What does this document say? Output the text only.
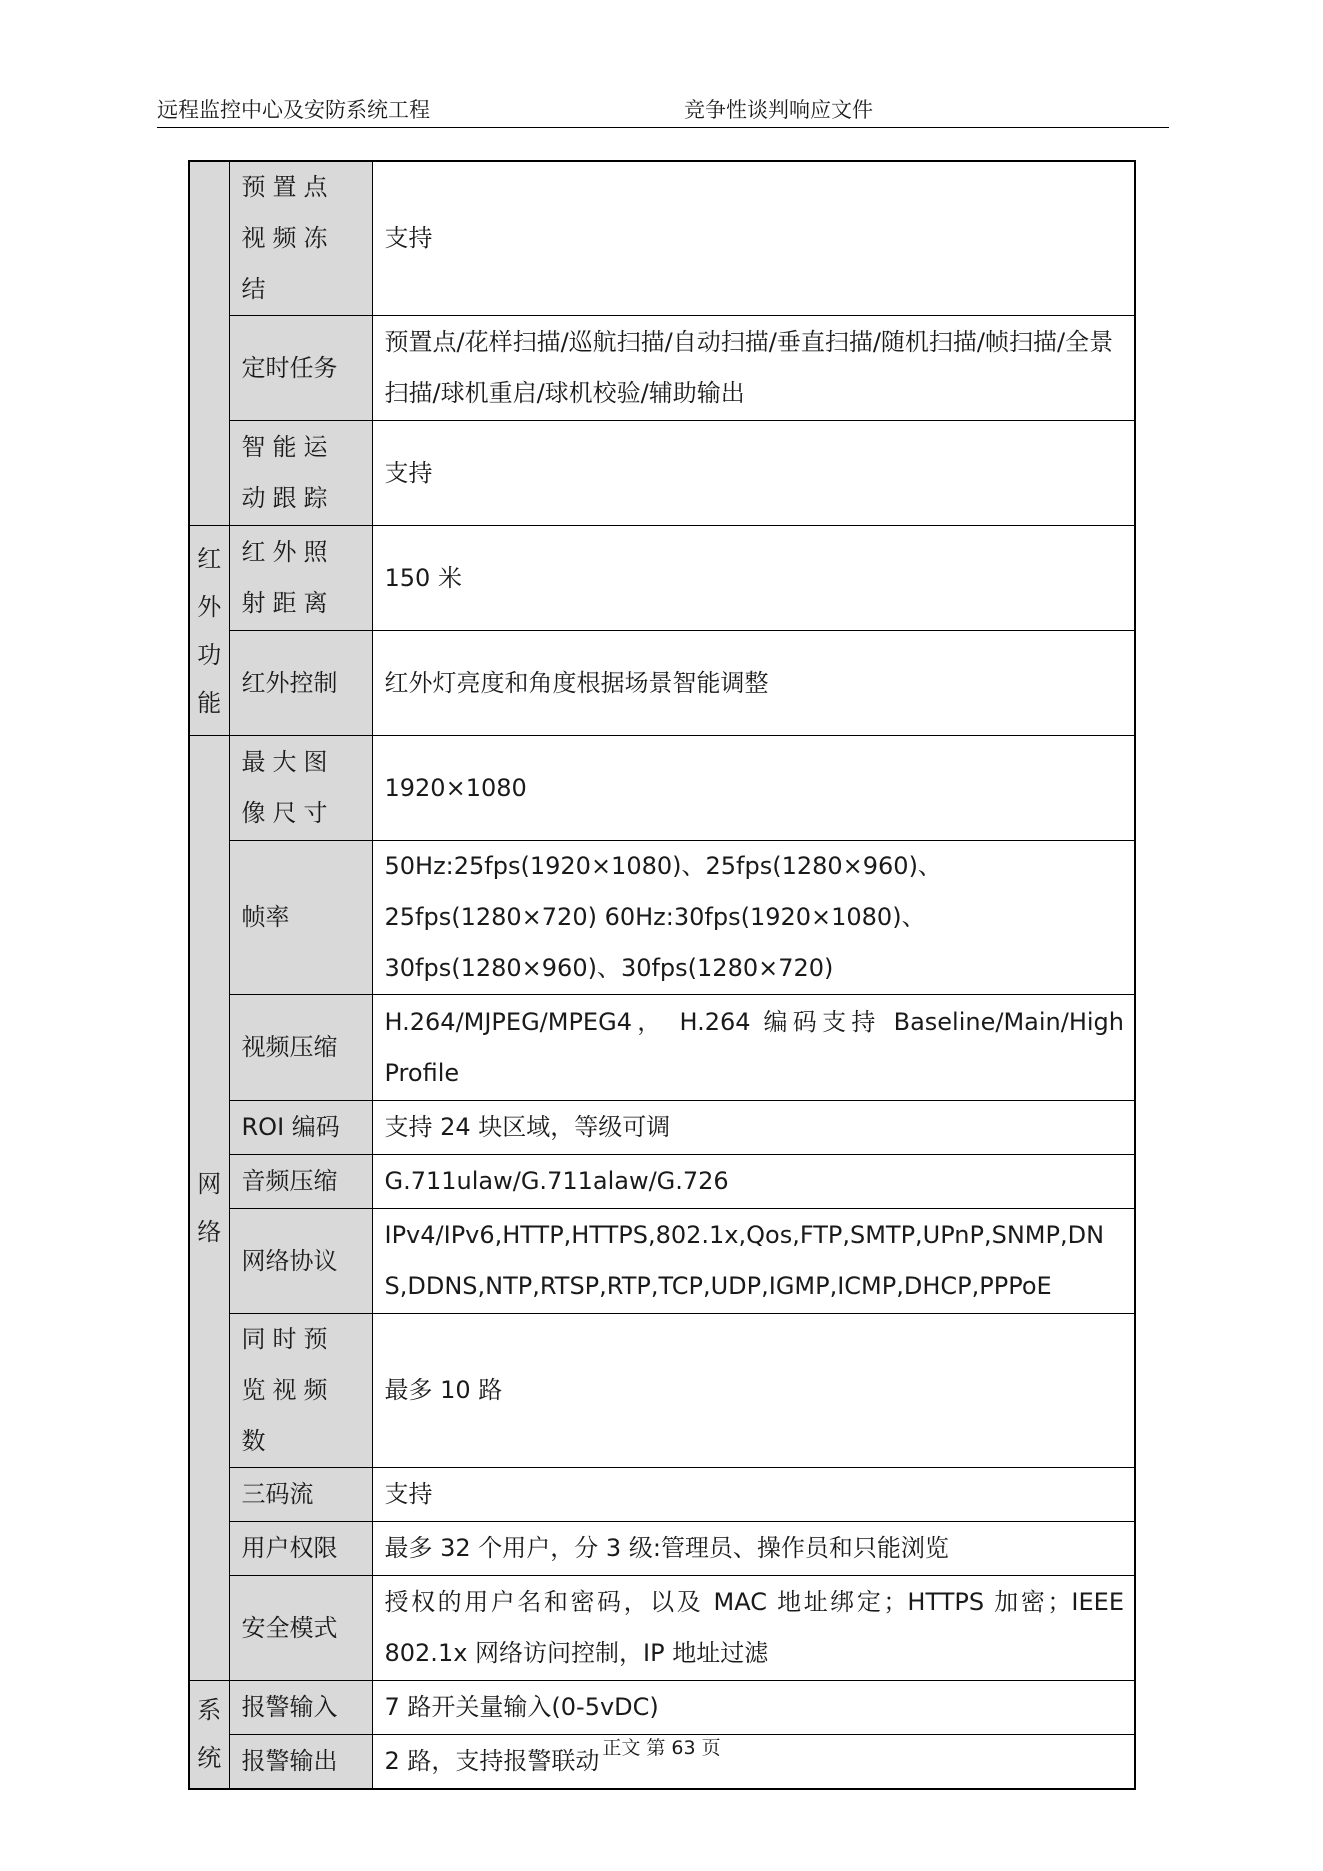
远程监控中心及安防系统工程	竞争性谈判响应文件
	预置点视频冻结	支持
	定时任务	预置点/花样扫描/巡航扫描/自动扫描/垂直扫描/随机扫描/帧扫描/全景扫描/球机重启/球机校验/辅助输出
	智能运动跟踪	支持
红外功能	红外照射距离	150 米
	红外控制	红外灯亮度和角度根据场景智能调整
网络	最大图像尺寸	1920×1080
	帧率	50Hz:25fps(1920×1080)、25fps(1280×960)、25fps(1280×720) 60Hz:30fps(1920×1080)、30fps(1280×960)、30fps(1280×720)
	视频压缩	H.264/MJPEG/MPEG4， H.264 编码支持 Baseline/Main/High Profile
	ROI 编码	支持 24 块区域，等级可调
	音频压缩	G.711ulaw/G.711alaw/G.726
	网络协议	IPv4/IPv6,HTTP,HTTPS,802.1x,Qos,FTP,SMTP,UPnP,SNMP,DNS,DDNS,NTP,RTSP,RTP,TCP,UDP,IGMP,ICMP,DHCP,PPPoE
	同时预览视频数	最多 10 路
	三码流	支持
	用户权限	最多 32 个用户，分 3 级:管理员、操作员和只能浏览
	安全模式	授权的用户名和密码，以及 MAC 地址绑定；HTTPS 加密；IEEE 802.1x 网络访问控制，IP 地址过滤
系统	报警输入	7 路开关量输入(0-5vDC)
	报警输出	2 路，支持报警联动 正文 第 63 页
